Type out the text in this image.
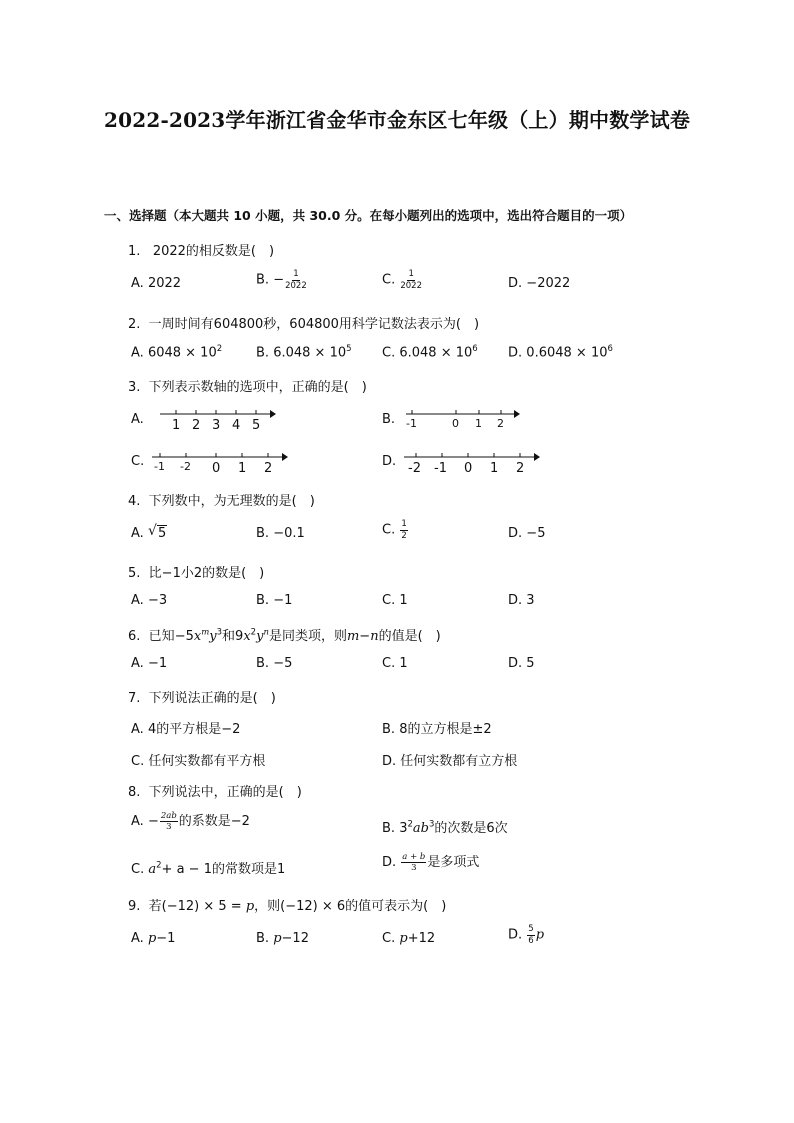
2022-2023学年浙江省金华市金东区七年级（上）期中数学试卷
一、选择题（本大题共 10 小题，共 30.0 分。在每小题列出的选项中，选出符合题目的一项）
1. 2022的相反数是(　)
A. 2022	B. − $\frac{1}{2022}$	C. $\frac{1}{2022}$	D. −2022
2. 一周时间有604800秒，604800用科学记数法表示为(　)
A. $6048 \times 10^2$	B. $6.048 \times 10^5$ C. $6.048 \times 10^6$ D. $0.6048 \times 10^6$
3. 下列表示数轴的选项中，正确的是(　)
A.	B.
C.	D.
1 2 3 4 5	-1	0 1 2
-1 -2 0 1 2	-2 -1 0 1 2
4. 下列数中，为无理数的是(　)
A. √ 5	B. −0.1	C. $\frac{1}{2}$	D. −5
5. 比−1小2的数是(　)
A. −3	B. −1	C. 1	D. 3
6. 已知$-5x^my^3$和$9x^2y^n$是同类项，则m−n的值是(　)
A. −1	B. −5	C. 1	D. 5
7. 下列说法正确的是(　)
A. 4的平方根是−2	B. 8的立方根是±2
C. 任何实数都有平方根	D. 任何实数都有立方根
8. 下列说法中，正确的是(　)
A. − $\frac{2ab}{3}$ 的系数是−2	B. $3^2ab^3$的次数是6次
C. $a^2+ a - 1$的常数项是1	D. $\frac{a + b}{3}$ 是多项式
9. 若(−12) × 5 = p，则(−12) × 6的值可表示为(　)
A. p−1	B. p−12	C. p+12	D. $\frac{5}{6}$ p
